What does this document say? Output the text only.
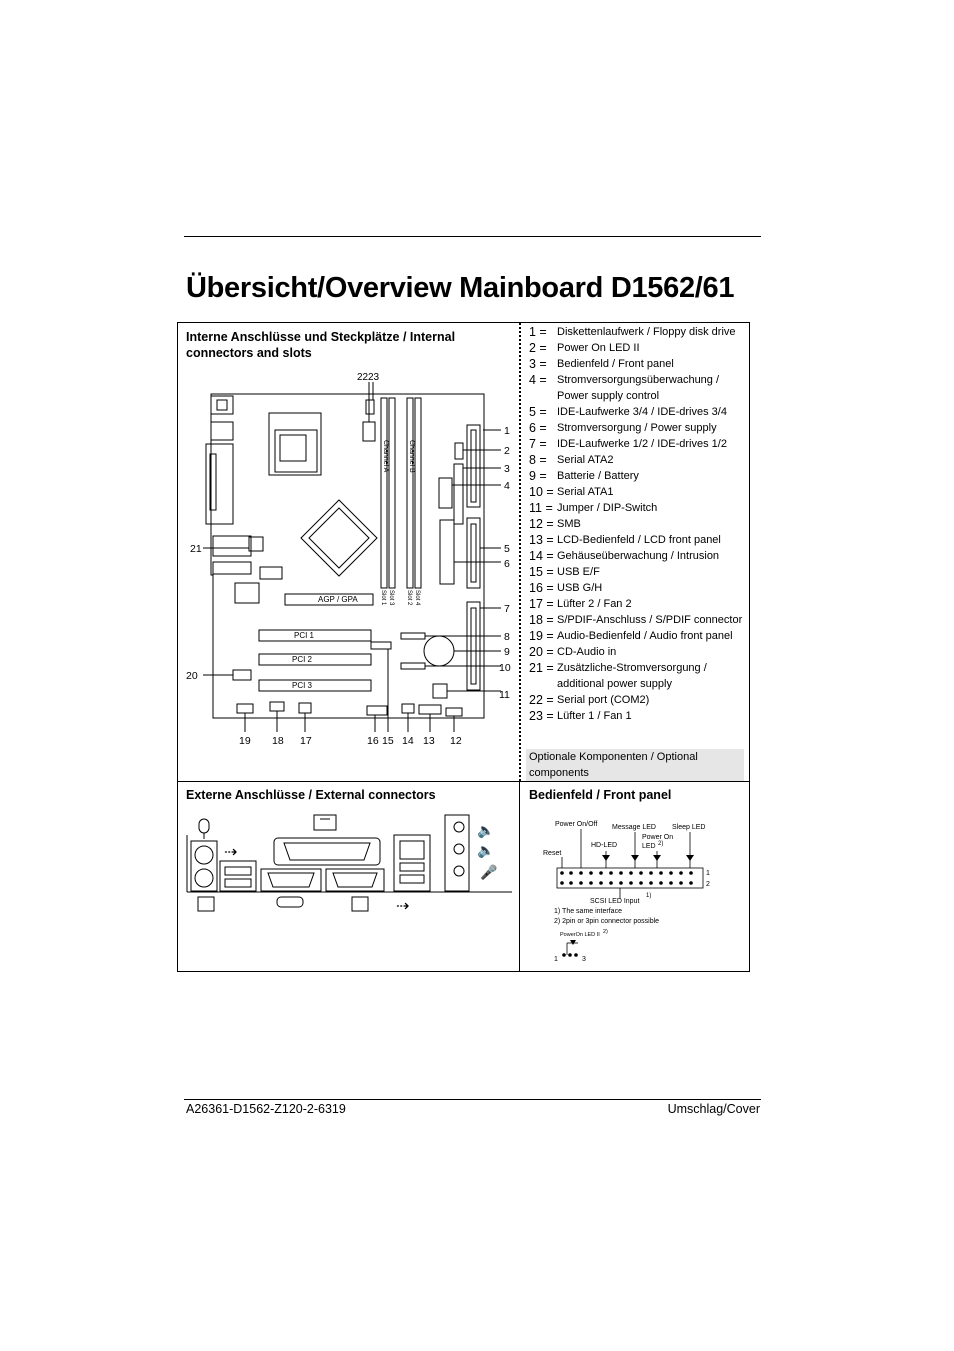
Übersicht/Overview Mainboard D1562/61
Interne Anschlüsse und Steckplätze / Internal connectors and slots
22 23
AGP / GPA
PCI 1
PCI 2
PCI 3
Channel A	Channel B
Slot 1 Slot 3 Slot 2 Slot 4
1
2
3
4
5
6
7
8
9
10
11
21
20
19 18 17	16 15 14 13 12
1 = Diskettenlaufwerk / Floppy disk drive
2 = Power On LED II
3 = Bedienfeld / Front panel
4 = Stromversorgungsüberwachung / Power supply control
5 = IDE-Laufwerke 3/4 / IDE-drives 3/4
6 = Stromversorgung / Power supply
7 = IDE-Laufwerke 1/2 / IDE-drives 1/2
8 = Serial ATA2
9 = Batterie / Battery
10 = Serial ATA1
11 = Jumper / DIP-Switch
12 = SMB
13 = LCD-Bedienfeld / LCD front panel
14 = Gehäuseüberwachung / Intrusion
15 = USB E/F
16 = USB G/H
17 = Lüfter 2 / Fan 2
18 = S/PDIF-Anschluss / S/PDIF connector
19 = Audio-Bedienfeld / Audio front panel
20 = CD-Audio in
21 = Zusätzliche-Stromversorgung / additional power supply
22 = Serial port (COM2)
23 = Lüfter 1 / Fan 1
Optionale Komponenten / Optional components
Externe Anschlüsse / External connectors
⇢
⇢
🔈
🔈
🎤
Bedienfeld / Front panel
Power On/Off Message LED Sleep LED
Power On
LED 2)
Reset
HD-LED
1
2
1)
SCSI LED Input
1) The same interface
2) 2pin or 3pin connector possible
PowerOn LED II 2)
1	3
A26361-D1562-Z120-2-6319	Umschlag/Cover
